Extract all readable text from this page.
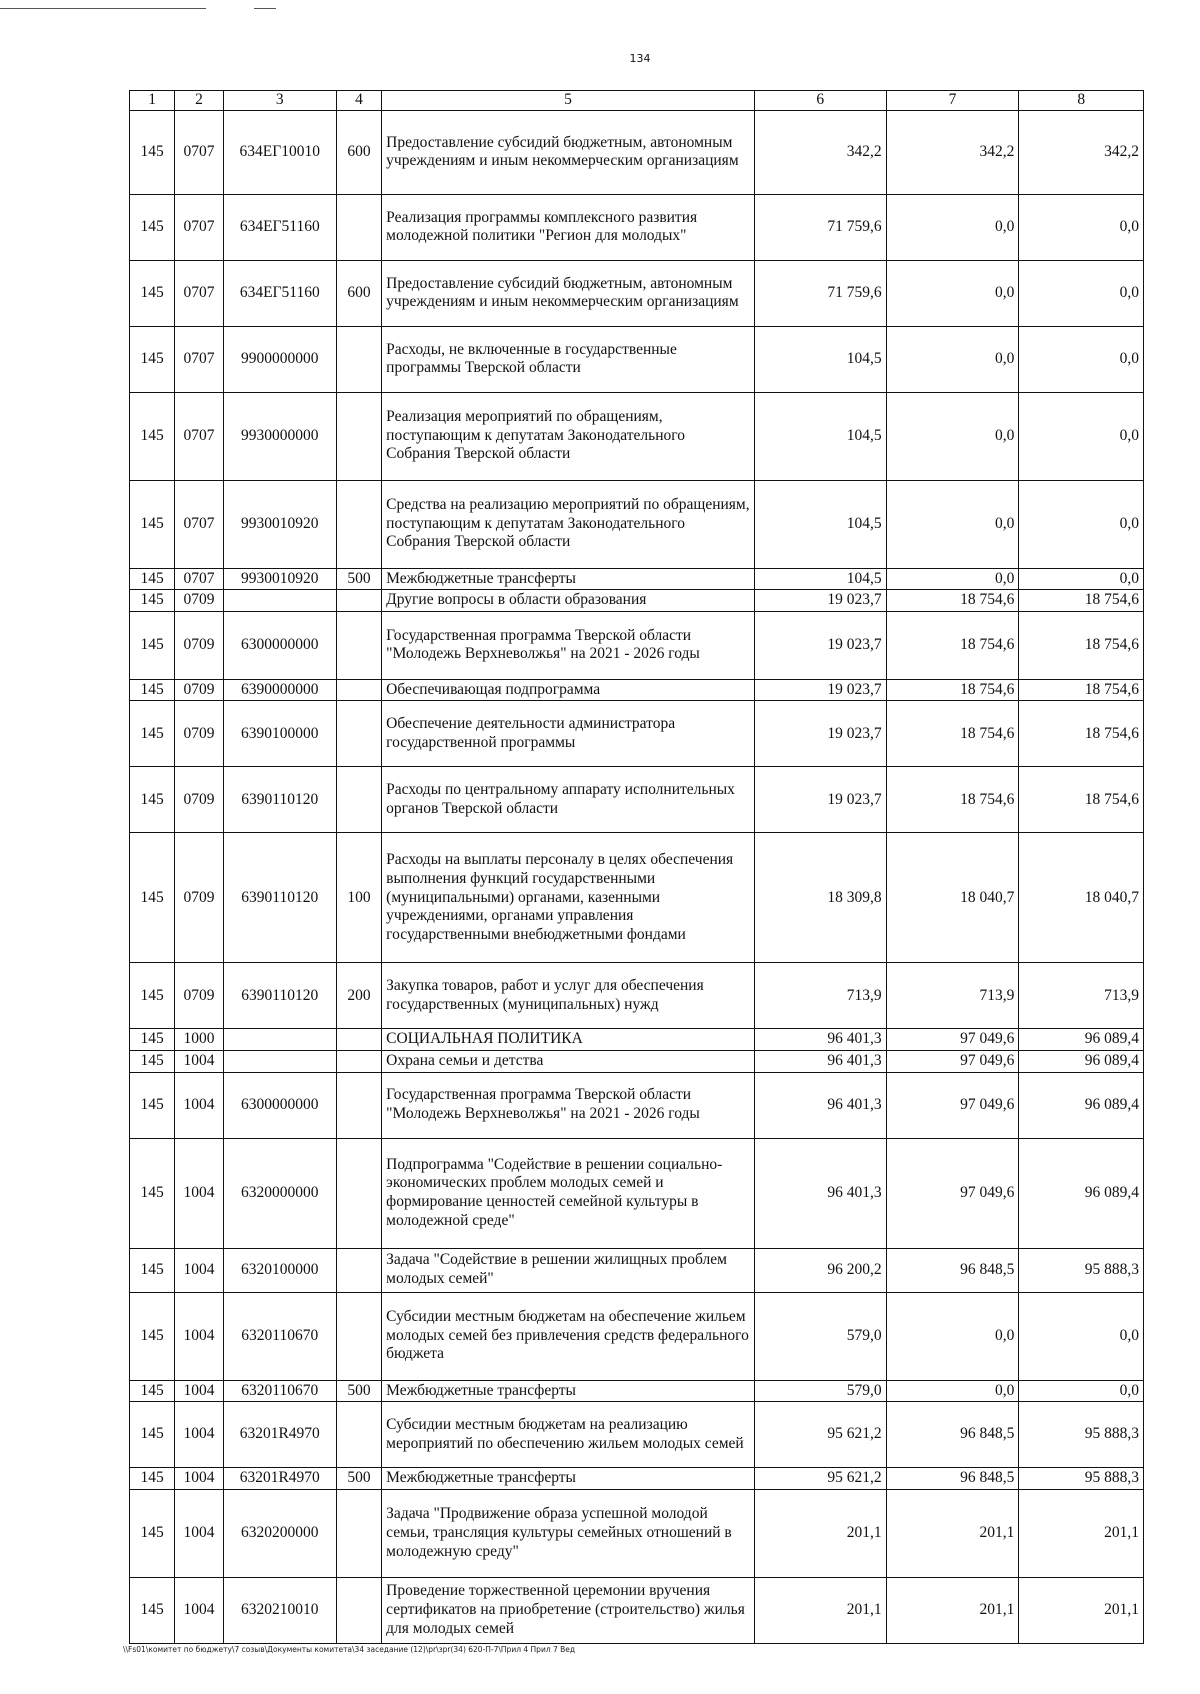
134
1	2	3	4	5	6	7	8
145	0707	634ЕГ10010	600	Предоставление субсидий бюджетным, автономным учреждениям и иным некоммерческим организациям	342,2	342,2	342,2
145	0707	634ЕГ51160		Реализация программы комплексного развития молодежной политики "Регион для молодых"	71 759,6	0,0	0,0
145	0707	634ЕГ51160	600	Предоставление субсидий бюджетным, автономным учреждениям и иным некоммерческим организациям	71 759,6	0,0	0,0
145	0707	9900000000		Расходы, не включенные в государственные программы Тверской области	104,5	0,0	0,0
145	0707	9930000000		Реализация мероприятий по обращениям, поступающим к депутатам Законодательного Собрания Тверской области	104,5	0,0	0,0
145	0707	9930010920		Средства на реализацию мероприятий по обращениям, поступающим к депутатам Законодательного Собрания Тверской области	104,5	0,0	0,0
145	0707	9930010920	500	Межбюджетные трансферты	104,5	0,0	0,0
145	0709			Другие вопросы в области образования	19 023,7	18 754,6	18 754,6
145	0709	6300000000		Государственная программа Тверской области "Молодежь Верхневолжья" на 2021 - 2026 годы	19 023,7	18 754,6	18 754,6
145	0709	6390000000		Обеспечивающая подпрограмма	19 023,7	18 754,6	18 754,6
145	0709	6390100000		Обеспечение деятельности администратора государственной программы	19 023,7	18 754,6	18 754,6
145	0709	6390110120		Расходы по центральному аппарату исполнительных органов Тверской области	19 023,7	18 754,6	18 754,6
145	0709	6390110120	100	Расходы на выплаты персоналу в целях обеспечения выполнения функций государственными (муниципальными) органами, казенными учреждениями, органами управления государственными внебюджетными фондами	18 309,8	18 040,7	18 040,7
145	0709	6390110120	200	Закупка товаров, работ и услуг для обеспечения государственных (муниципальных) нужд	713,9	713,9	713,9
145	1000			СОЦИАЛЬНАЯ ПОЛИТИКА	96 401,3	97 049,6	96 089,4
145	1004			Охрана семьи и детства	96 401,3	97 049,6	96 089,4
145	1004	6300000000		Государственная программа Тверской области "Молодежь Верхневолжья" на 2021 - 2026 годы	96 401,3	97 049,6	96 089,4
145	1004	6320000000		Подпрограмма "Содействие в решении социально-экономических проблем молодых семей и формирование ценностей семейной культуры в молодежной среде"	96 401,3	97 049,6	96 089,4
145	1004	6320100000		Задача "Содействие в решении жилищных проблем молодых семей"	96 200,2	96 848,5	95 888,3
145	1004	6320110670		Субсидии местным бюджетам на обеспечение жильем молодых семей без привлечения средств федерального бюджета	579,0	0,0	0,0
145	1004	6320110670	500	Межбюджетные трансферты	579,0	0,0	0,0
145	1004	63201R4970		Субсидии местным бюджетам на реализацию мероприятий по обеспечению жильем молодых семей	95 621,2	96 848,5	95 888,3
145	1004	63201R4970	500	Межбюджетные трансферты	95 621,2	96 848,5	95 888,3
145	1004	6320200000		Задача "Продвижение образа успешной молодой семьи, трансляция культуры семейных отношений в молодежную среду"	201,1	201,1	201,1
145	1004	6320210010		Проведение торжественной церемонии вручения сертификатов на приобретение (строительство) жилья для молодых семей	201,1	201,1	201,1
\\Fs01\комитет по бюджету\7 созыв\Документы комитета\34 заседание (12)\pr\зрr(34) 620-П-7\Прил 4 Прил 7 Вед
